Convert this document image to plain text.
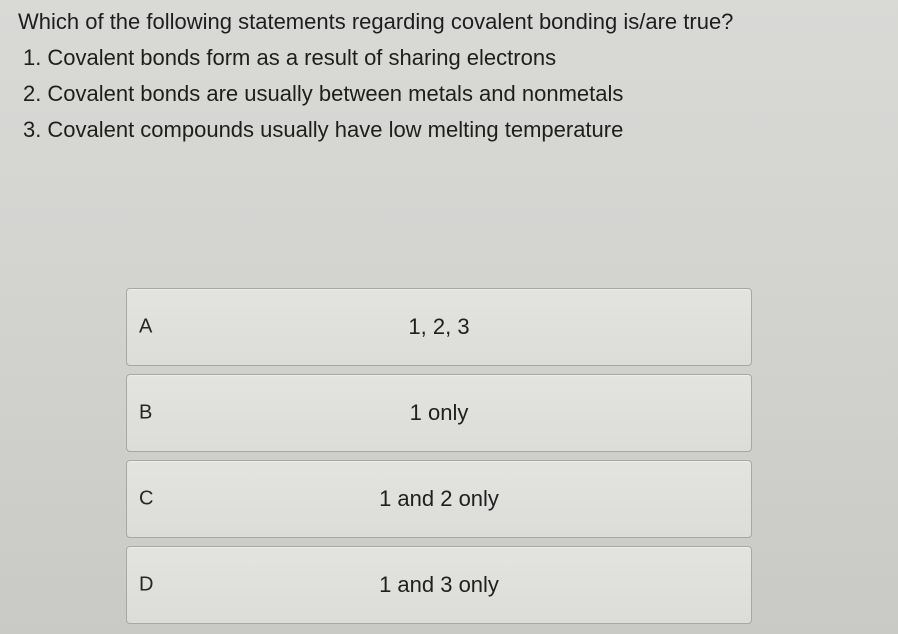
Which of the following statements regarding covalent bonding is/are true?
1. Covalent bonds form as a result of sharing electrons
2. Covalent bonds are usually between metals and nonmetals
3. Covalent compounds usually have low melting temperature
A	1, 2, 3
B	1 only
C	1 and 2 only
D	1 and 3 only
